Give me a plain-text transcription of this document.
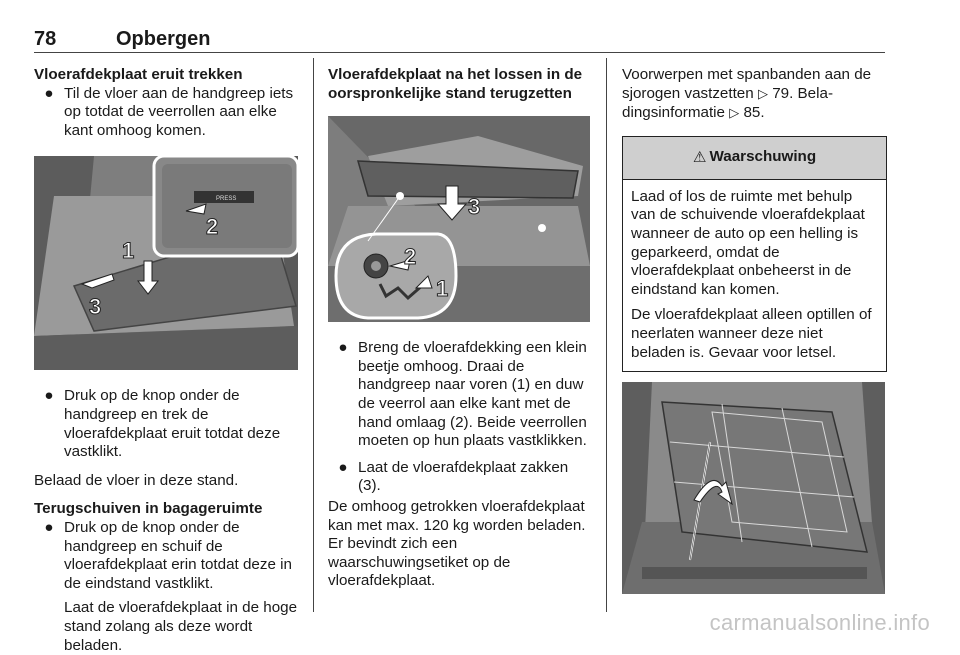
78	Opbergen

Vloerafdekplaat eruit trekken

● Til de vloer aan de handgreep iets op totdat de veerrollen aan elke kant omhoog komen.
PRESS
2
1
3
● Druk op de knop onder de handgreep en trek de vloerafdekplaat eruit totdat deze vastklikt.

Belaad de vloer in deze stand.

Terugschuiven in bagageruimte

● Druk op de knop onder de handgreep en schuif de vloerafdekplaat erin totdat deze in de eindstand vastklikt.

Laat de vloerafdekplaat in de hoge stand zolang als deze wordt beladen.

Vloerafdekplaat na het lossen in de oorspronkelijke stand terugzetten

3
2
1
● Breng de vloerafdekking een klein beetje omhoog. Draai de handgreep naar voren (1) en duw de veerrol aan elke kant met de hand omlaag (2). Beide veerrollen moeten op hun plaats vastklikken.
● Laat de vloerafdekplaat zakken (3).

De omhoog getrokken vloerafdekplaat kan met max. 120 kg worden beladen. Er bevindt zich een waarschuwingsetiket op de vloerafdekplaat.

Voorwerpen met spanbanden aan de sjorogen vastzetten ▷ 79. Beladingsinformatie ▷ 85.

⚠ Waarschuwing

Laad of los de ruimte met behulp van de schuivende vloerafdekplaat wanneer de auto op een helling is geparkeerd, omdat de vloerafdekplaat onbeheerst in de eindstand kan komen.

De vloerafdekplaat alleen optillen of neerlaten wanneer deze niet beladen is. Gevaar voor letsel.

carmanualsonline.info
